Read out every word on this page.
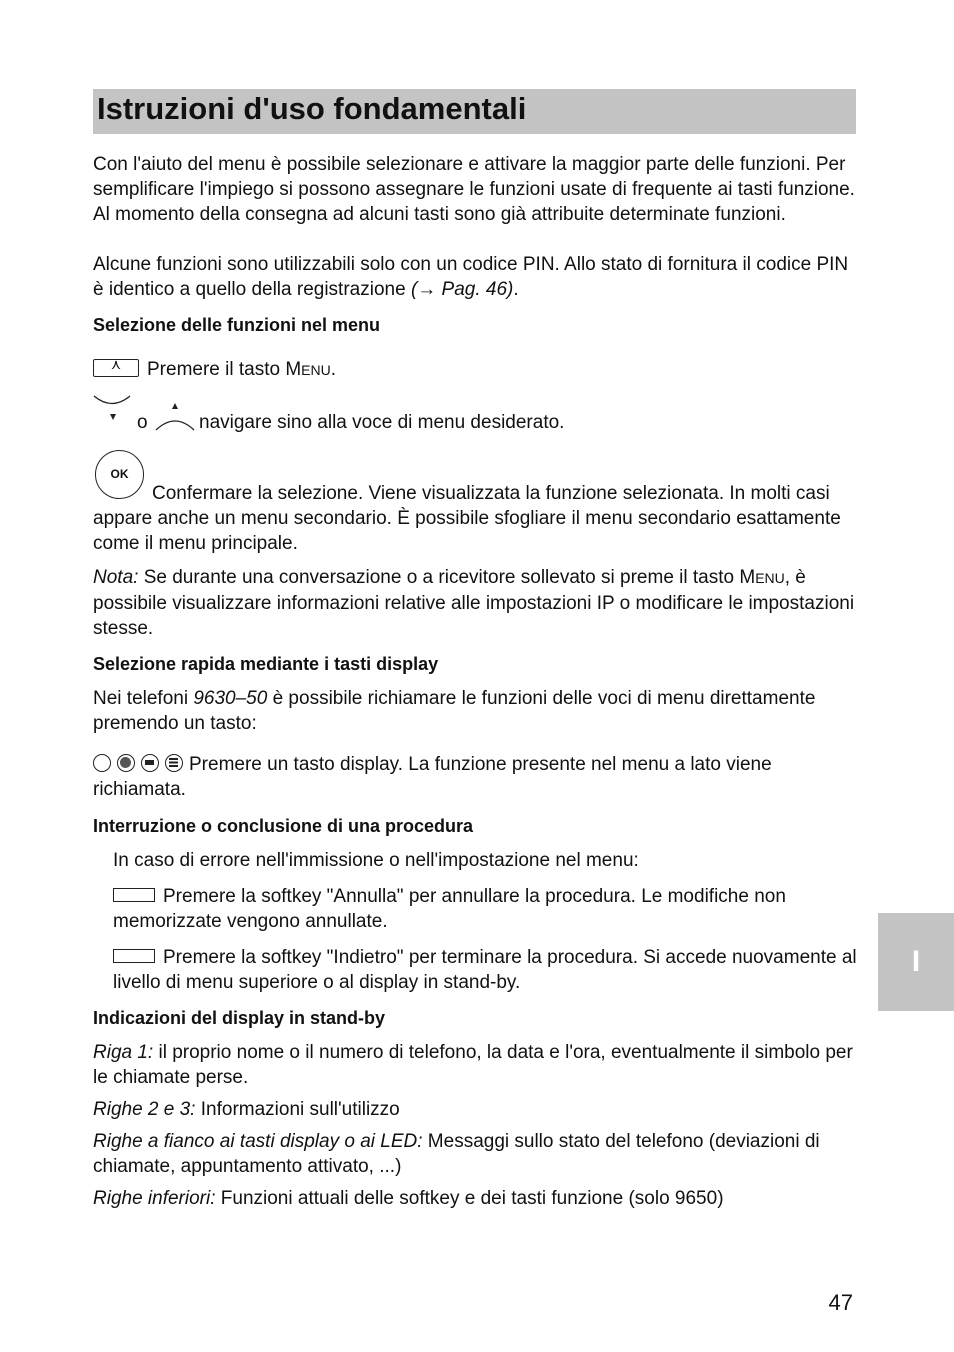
Istruzioni d'uso fondamentali

Con l'aiuto del menu è possibile selezionare e attivare la maggior parte delle funzioni. Per semplificare l'impiego si possono assegnare le funzioni usate di frequente ai tasti funzione. Al momento della consegna ad alcuni tasti sono già attribuite determinate funzioni.

Alcune funzioni sono utilizzabili solo con un codice PIN. Allo stato di fornitura il codice PIN è identico a quello della registrazione (→ Pag. 46).

Selezione delle funzioni nel menu

⋏	Premere il tasto MENU.

o	navigare sino alla voce di menu desiderato.
OK

Confermare la selezione. Viene visualizzata la funzione selezionata. In molti casi appare anche un menu secondario. È possibile sfogliare il menu secondario esattamente come il menu principale.

Nota: Se durante una conversazione o a ricevitore sollevato si preme il tasto MENU, è possibile visualizzare informazioni relative alle impostazioni IP o modificare le impostazioni stesse.

Selezione rapida mediante i tasti display

Nei telefoni 9630–50 è possibile richiamare le funzioni delle voci di menu direttamente premendo un tasto:

Premere un tasto display. La funzione presente nel menu a lato viene richiamata.

Interruzione o conclusione di una procedura

In caso di errore nell'immissione o nell'impostazione nel menu:

Premere la softkey "Annulla" per annullare la procedura. Le modifiche non memorizzate vengono annullate.

Premere la softkey "Indietro" per terminare la procedura. Si accede nuovamente al livello di menu superiore o al display in stand-by.

Indicazioni del display in stand-by

Riga 1: il proprio nome o il numero di telefono, la data e l'ora, eventualmente il simbolo per le chiamate perse.

Righe 2 e 3: Informazioni sull'utilizzo

Righe a fianco ai tasti display o ai LED: Messaggi sullo stato del telefono (deviazioni di chiamate, appuntamento attivato, ...)

Righe inferiori: Funzioni attuali delle softkey e dei tasti funzione (solo 9650)

I
47
